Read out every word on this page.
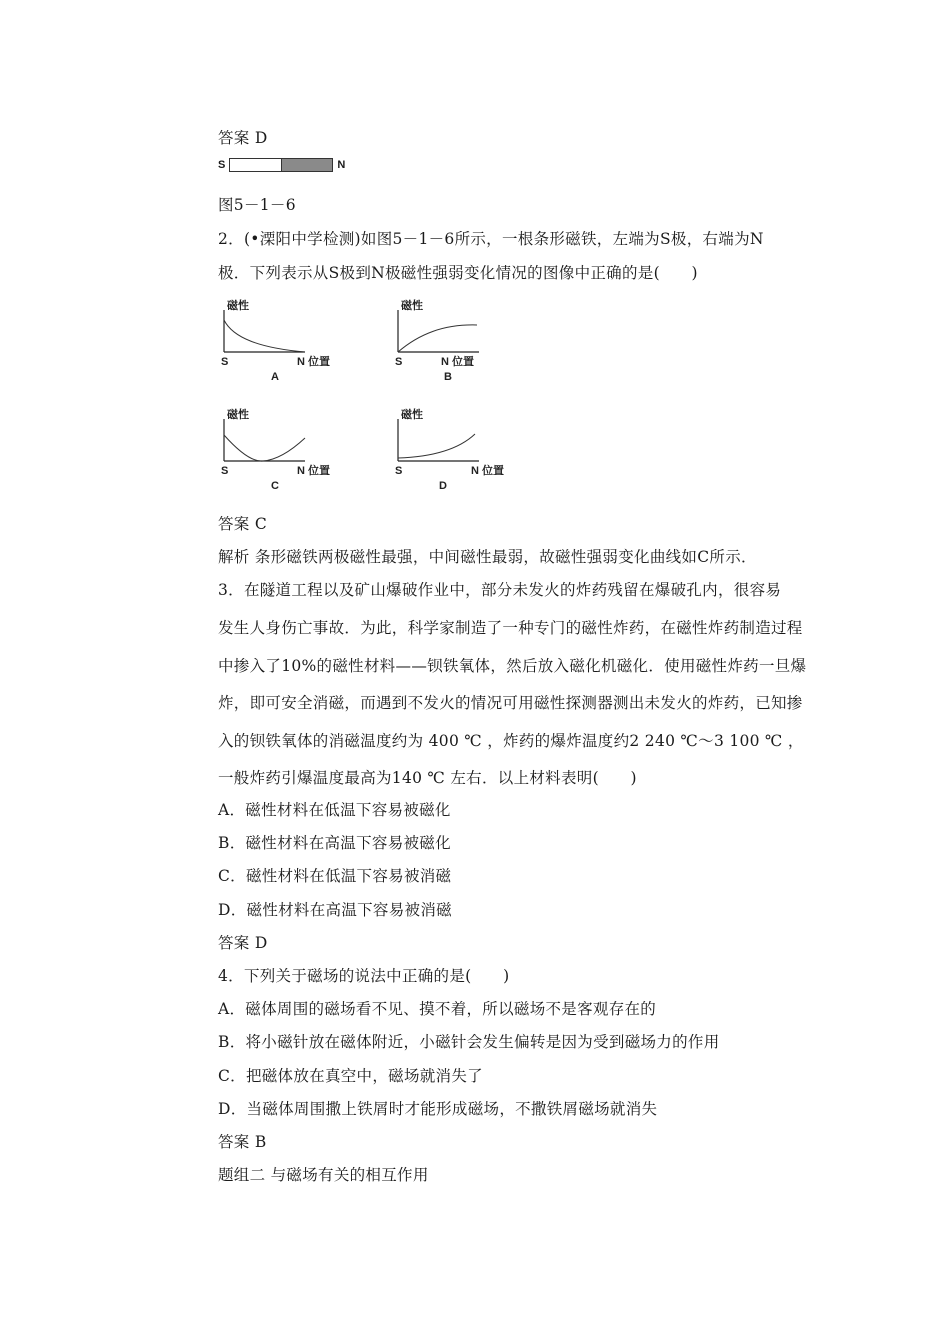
答案 D
S	N
图5－1－6
2．(•溧阳中学检测)如图5－1－6所示，一根条形磁铁，左端为S极，右端为N
极．下列表示从S极到N极磁性强弱变化情况的图像中正确的是(　　)
磁性
S	N 位置
A
磁性
S	N 位置
B
磁性
S	N 位置
C
磁性
S	N 位置
D
答案 C
解析 条形磁铁两极磁性最强，中间磁性最弱，故磁性强弱变化曲线如C所示．
3．在隧道工程以及矿山爆破作业中，部分未发火的炸药残留在爆破孔内，很容易
发生人身伤亡事故．为此，科学家制造了一种专门的磁性炸药，在磁性炸药制造过程
中掺入了10%的磁性材料——钡铁氧体，然后放入磁化机磁化．使用磁性炸药一旦爆
炸，即可安全消磁，而遇到不发火的情况可用磁性探测器测出未发火的炸药，已知掺
入的钡铁氧体的消磁温度约为 400 ℃ ，炸药的爆炸温度约2 240 ℃～3 100 ℃ ，
一般炸药引爆温度最高为140 ℃ 左右．以上材料表明(　　)
A．磁性材料在低温下容易被磁化
B．磁性材料在高温下容易被磁化
C．磁性材料在低温下容易被消磁
D．磁性材料在高温下容易被消磁
答案 D
4．下列关于磁场的说法中正确的是(　　)
A．磁体周围的磁场看不见、摸不着，所以磁场不是客观存在的
B．将小磁针放在磁体附近，小磁针会发生偏转是因为受到磁场力的作用
C．把磁体放在真空中，磁场就消失了
D．当磁体周围撒上铁屑时才能形成磁场，不撒铁屑磁场就消失
答案 B
题组二 与磁场有关的相互作用
